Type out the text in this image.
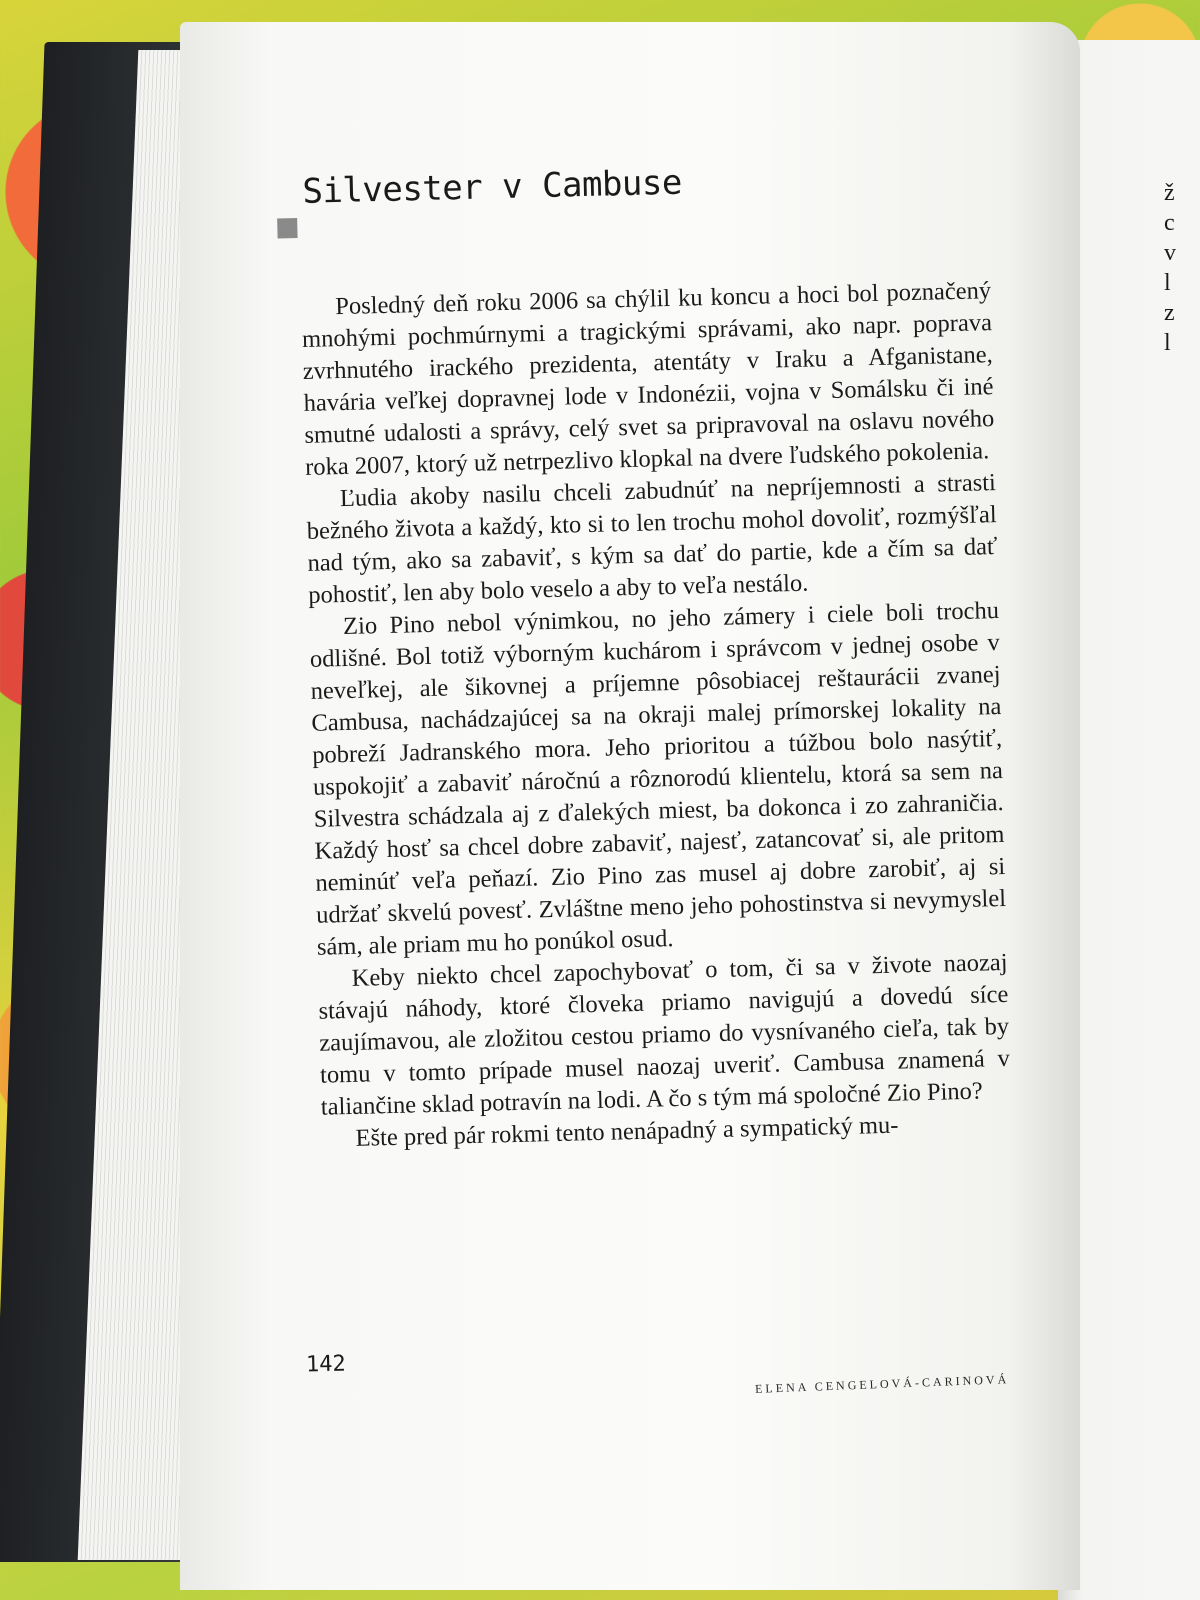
ž
c
v
l
z
l
Silvester v Cambuse

Posledný deň roku 2006 sa chýlil ku koncu a hoci bol poznačený mnohými pochmúrnymi a tragickými správami, ako napr. poprava zvrhnutého irackého prezidenta, atentáty v Iraku a Afganistane, havária veľkej dopravnej lode v Indonézii, vojna v Somálsku či iné smutné udalosti a správy, celý svet sa pripravoval na oslavu nového roka 2007, ktorý už netrpezlivo klopkal na dvere ľudského pokolenia.

Ľudia akoby nasilu chceli zabudnúť na nepríjemnosti a strasti bežného života a každý, kto si to len trochu mohol dovoliť, rozmýšľal nad tým, ako sa zabaviť, s kým sa dať do partie, kde a čím sa dať pohostiť, len aby bolo veselo a aby to veľa nestálo.

Zio Pino nebol výnimkou, no jeho zámery i ciele boli trochu odlišné. Bol totiž výborným kuchárom i správcom v jednej osobe v neveľkej, ale šikovnej a príjemne pôsobiacej reštaurácii zvanej Cambusa, nachádzajúcej sa na okraji malej prímorskej lokality na pobreží Jadranského mora. Jeho prioritou a túžbou bolo nasýtiť, uspokojiť a zabaviť náročnú a rôznorodú klientelu, ktorá sa sem na Silvestra schádzala aj z ďalekých miest, ba dokonca i zo zahraničia. Každý hosť sa chcel dobre zabaviť, najesť, zatancovať si, ale pritom neminúť veľa peňazí. Zio Pino zas musel aj dobre zarobiť, aj si udržať skvelú povesť. Zvláštne meno jeho pohostinstva si nevymyslel sám, ale priam mu ho ponúkol osud.

Keby niekto chcel zapochybovať o tom, či sa v živote naozaj stávajú náhody, ktoré človeka priamo navigujú a dovedú síce zaujímavou, ale zložitou cestou priamo do vysnívaného cieľa, tak by tomu v tomto prípade musel naozaj uveriť. Cambusa znamená v taliančine sklad potravín na lodi. A čo s tým má spoločné Zio Pino?

Ešte pred pár rokmi tento nenápadný a sympatický mu-

142
ELENA CENGELOVÁ-CARINOVÁ
